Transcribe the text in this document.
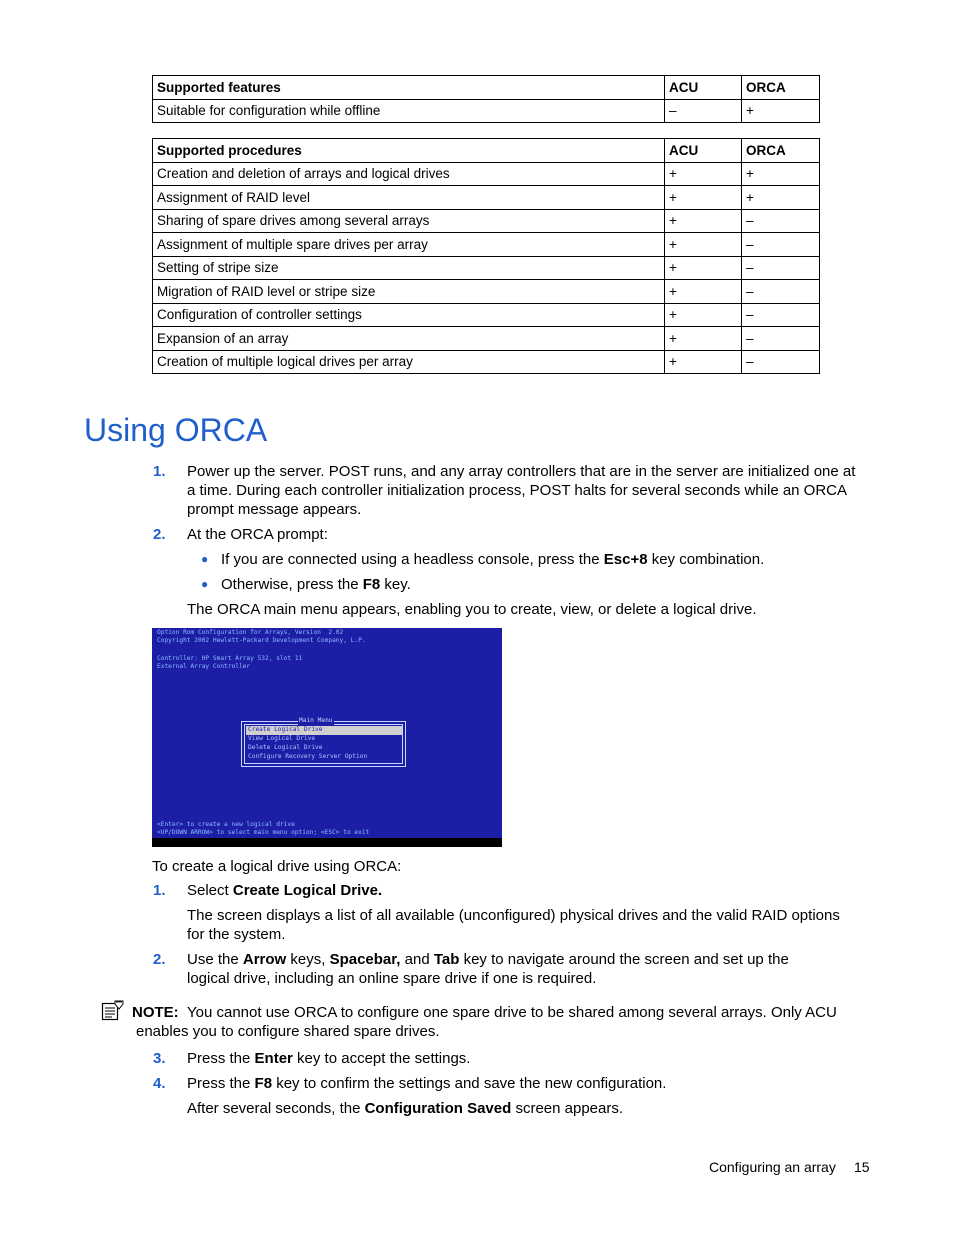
Supported features	ACU	ORCA
Suitable for configuration while offline	–	+
Supported procedures	ACU	ORCA
Creation and deletion of arrays and logical drives	+	+
Assignment of RAID level	+	+
Sharing of spare drives among several arrays	+	–
Assignment of multiple spare drives per array	+	–
Setting of stripe size	+	–
Migration of RAID level or stripe size	+	–
Configuration of controller settings	+	–
Expansion of an array	+	–
Creation of multiple logical drives per array	+	–
Using ORCA
1. Power up the server. POST runs, and any array controllers that are in the server are initialized one at
a time. During each controller initialization process, POST halts for several seconds while an ORCA
prompt message appears.
2. At the ORCA prompt:
● If you are connected using a headless console, press the Esc+8 key combination.
● Otherwise, press the F8 key.
The ORCA main menu appears, enabling you to create, view, or delete a logical drive.
Option Rom Configuration for Arrays, Version  2.02
Copyright 2002 Hewlett-Packard Development Company, L.P.
Controller: HP Smart Array 532, slot 11
External Array Controller
Main Menu
Create Logical Drive
View Logical Drive
Delete Logical Drive
Configure Recovery Server Option
<Enter> to create a new logical drive
<UP/DOWN ARROW> to select main menu option; <ESC> to exit
To create a logical drive using ORCA:
1. Select Create Logical Drive.
The screen displays a list of all available (unconfigured) physical drives and the valid RAID options
for the system.
2. Use the Arrow keys, Spacebar, and Tab key to navigate around the screen and set up the
logical drive, including an online spare drive if one is required.
NOTE: You cannot use ORCA to configure one spare drive to be shared among several arrays. Only ACU
enables you to configure shared spare drives.
3. Press the Enter key to accept the settings.
4. Press the F8 key to confirm the settings and save the new configuration.
After several seconds, the Configuration Saved screen appears.
Configuring an array 15
